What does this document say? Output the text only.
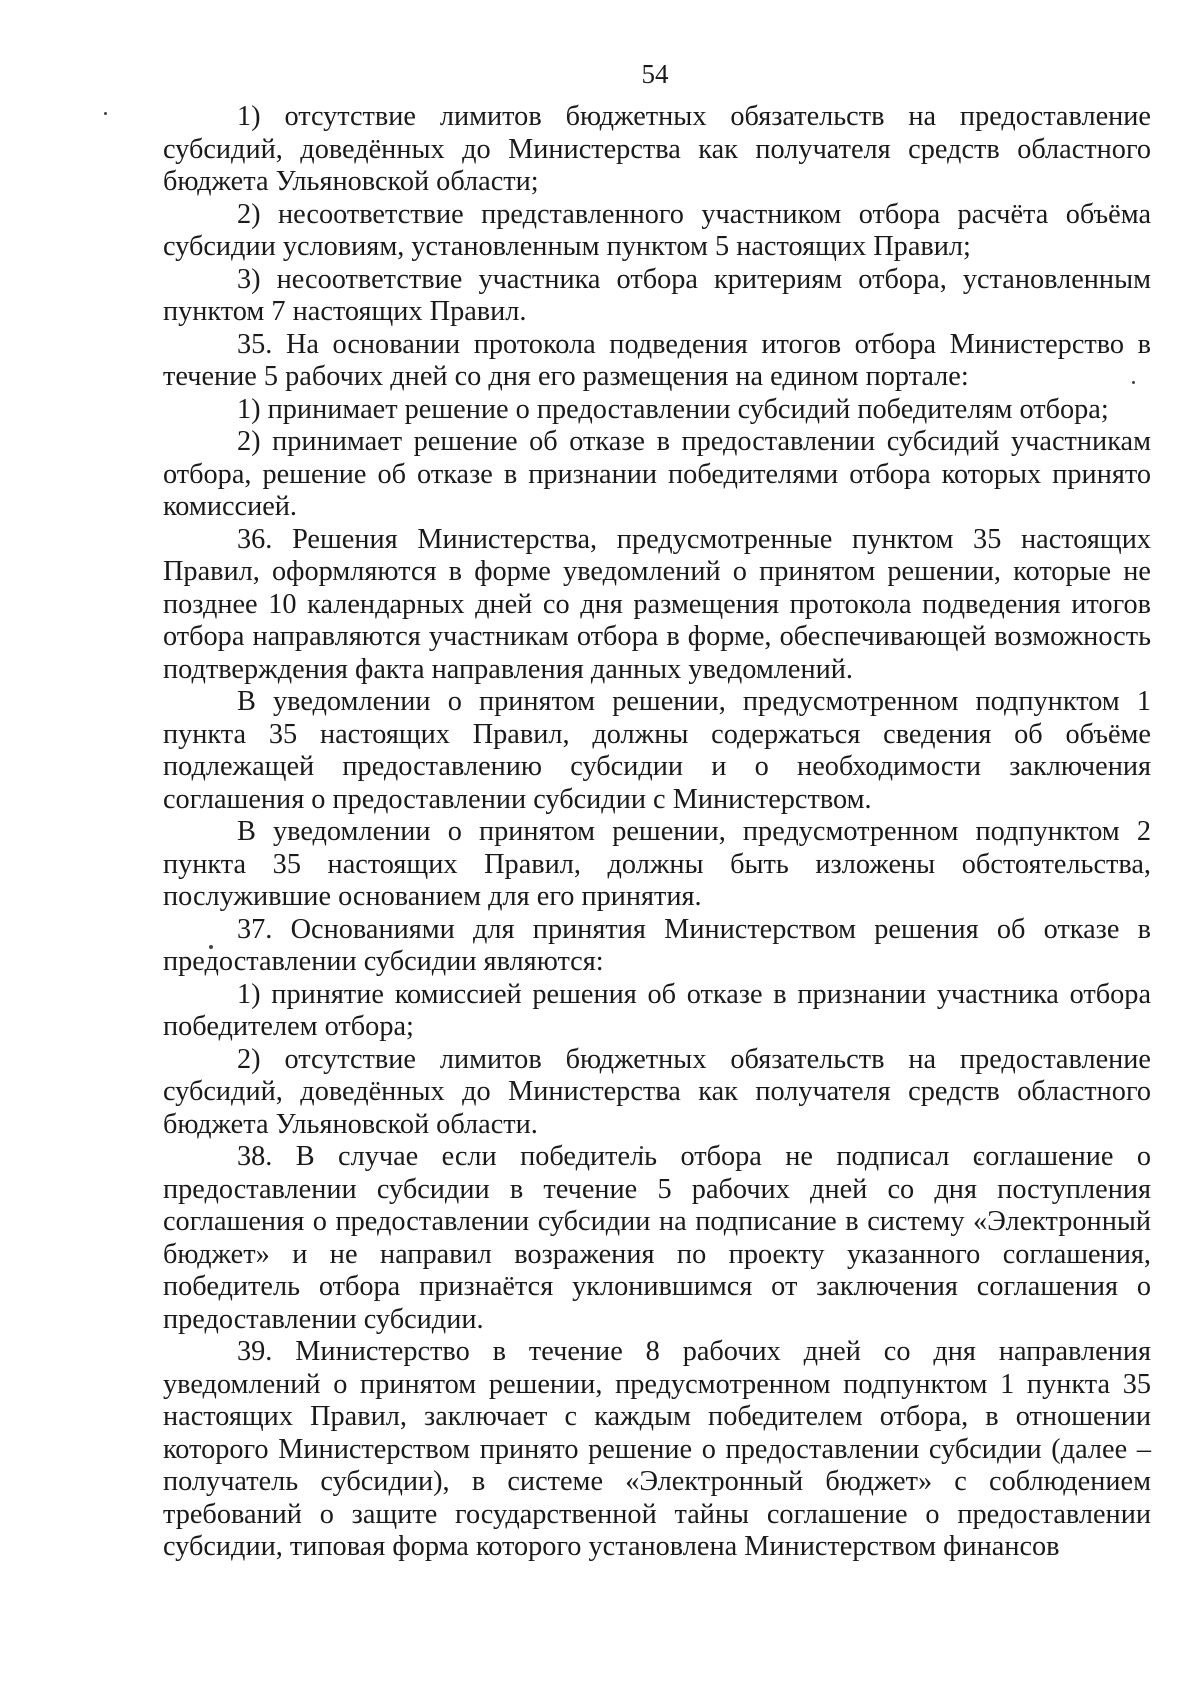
54

1) отсутствие лимитов бюджетных обязательств на предоставление субсидий, доведённых до Министерства как получателя средств областного бюджета Ульяновской области;

2) несоответствие представленного участником отбора расчёта объёма субсидии условиям, установленным пунктом 5 настоящих Правил;

3) несоответствие участника отбора критериям отбора, установленным пунктом 7 настоящих Правил.

35. На основании протокола подведения итогов отбора Министерство в течение 5 рабочих дней со дня его размещения на едином портале:

1) принимает решение о предоставлении субсидий победителям отбора;

2) принимает решение об отказе в предоставлении субсидий участникам отбора, решение об отказе в признании победителями отбора которых принято комиссией.

36. Решения Министерства, предусмотренные пунктом 35 настоящих Правил, оформляются в форме уведомлений о принятом решении, которые не позднее 10 календарных дней со дня размещения протокола подведения итогов отбора направляются участникам отбора в форме, обеспечивающей возможность подтверждения факта направления данных уведомлений.

В уведомлении о принятом решении, предусмотренном подпунктом 1 пункта 35 настоящих Правил, должны содержаться сведения об объёме подлежащей предоставлению субсидии и о необходимости заключения соглашения о предоставлении субсидии с Министерством.

В уведомлении о принятом решении, предусмотренном подпунктом 2 пункта 35 настоящих Правил, должны быть изложены обстоятельства, послужившие основанием для его принятия.

37. Основаниями для принятия Министерством решения об отказе в предоставлении субсидии являются:

1) принятие комиссией решения об отказе в признании участника отбора победителем отбора;

2) отсутствие лимитов бюджетных обязательств на предоставление субсидий, доведённых до Министерства как получателя средств областного бюджета Ульяновской области.

38. В случае если победитель отбора не подписал соглашение о предоставлении субсидии в течение 5 рабочих дней со дня поступления соглашения о предоставлении субсидии на подписание в систему «Электронный бюджет» и не направил возражения по проекту указанного соглашения, победитель отбора признаётся уклонившимся от заключения соглашения о предоставлении субсидии.

39. Министерство в течение 8 рабочих дней со дня направления уведомлений о принятом решении, предусмотренном подпунктом 1 пункта 35 настоящих Правил, заключает с каждым победителем отбора, в отношении которого Министерством принято решение о предоставлении субсидии (далее – получатель субсидии), в системе «Электронный бюджет» с соблюдением требований о защите государственной тайны соглашение о предоставлении субсидии, типовая форма которого установлена Министерством финансов
